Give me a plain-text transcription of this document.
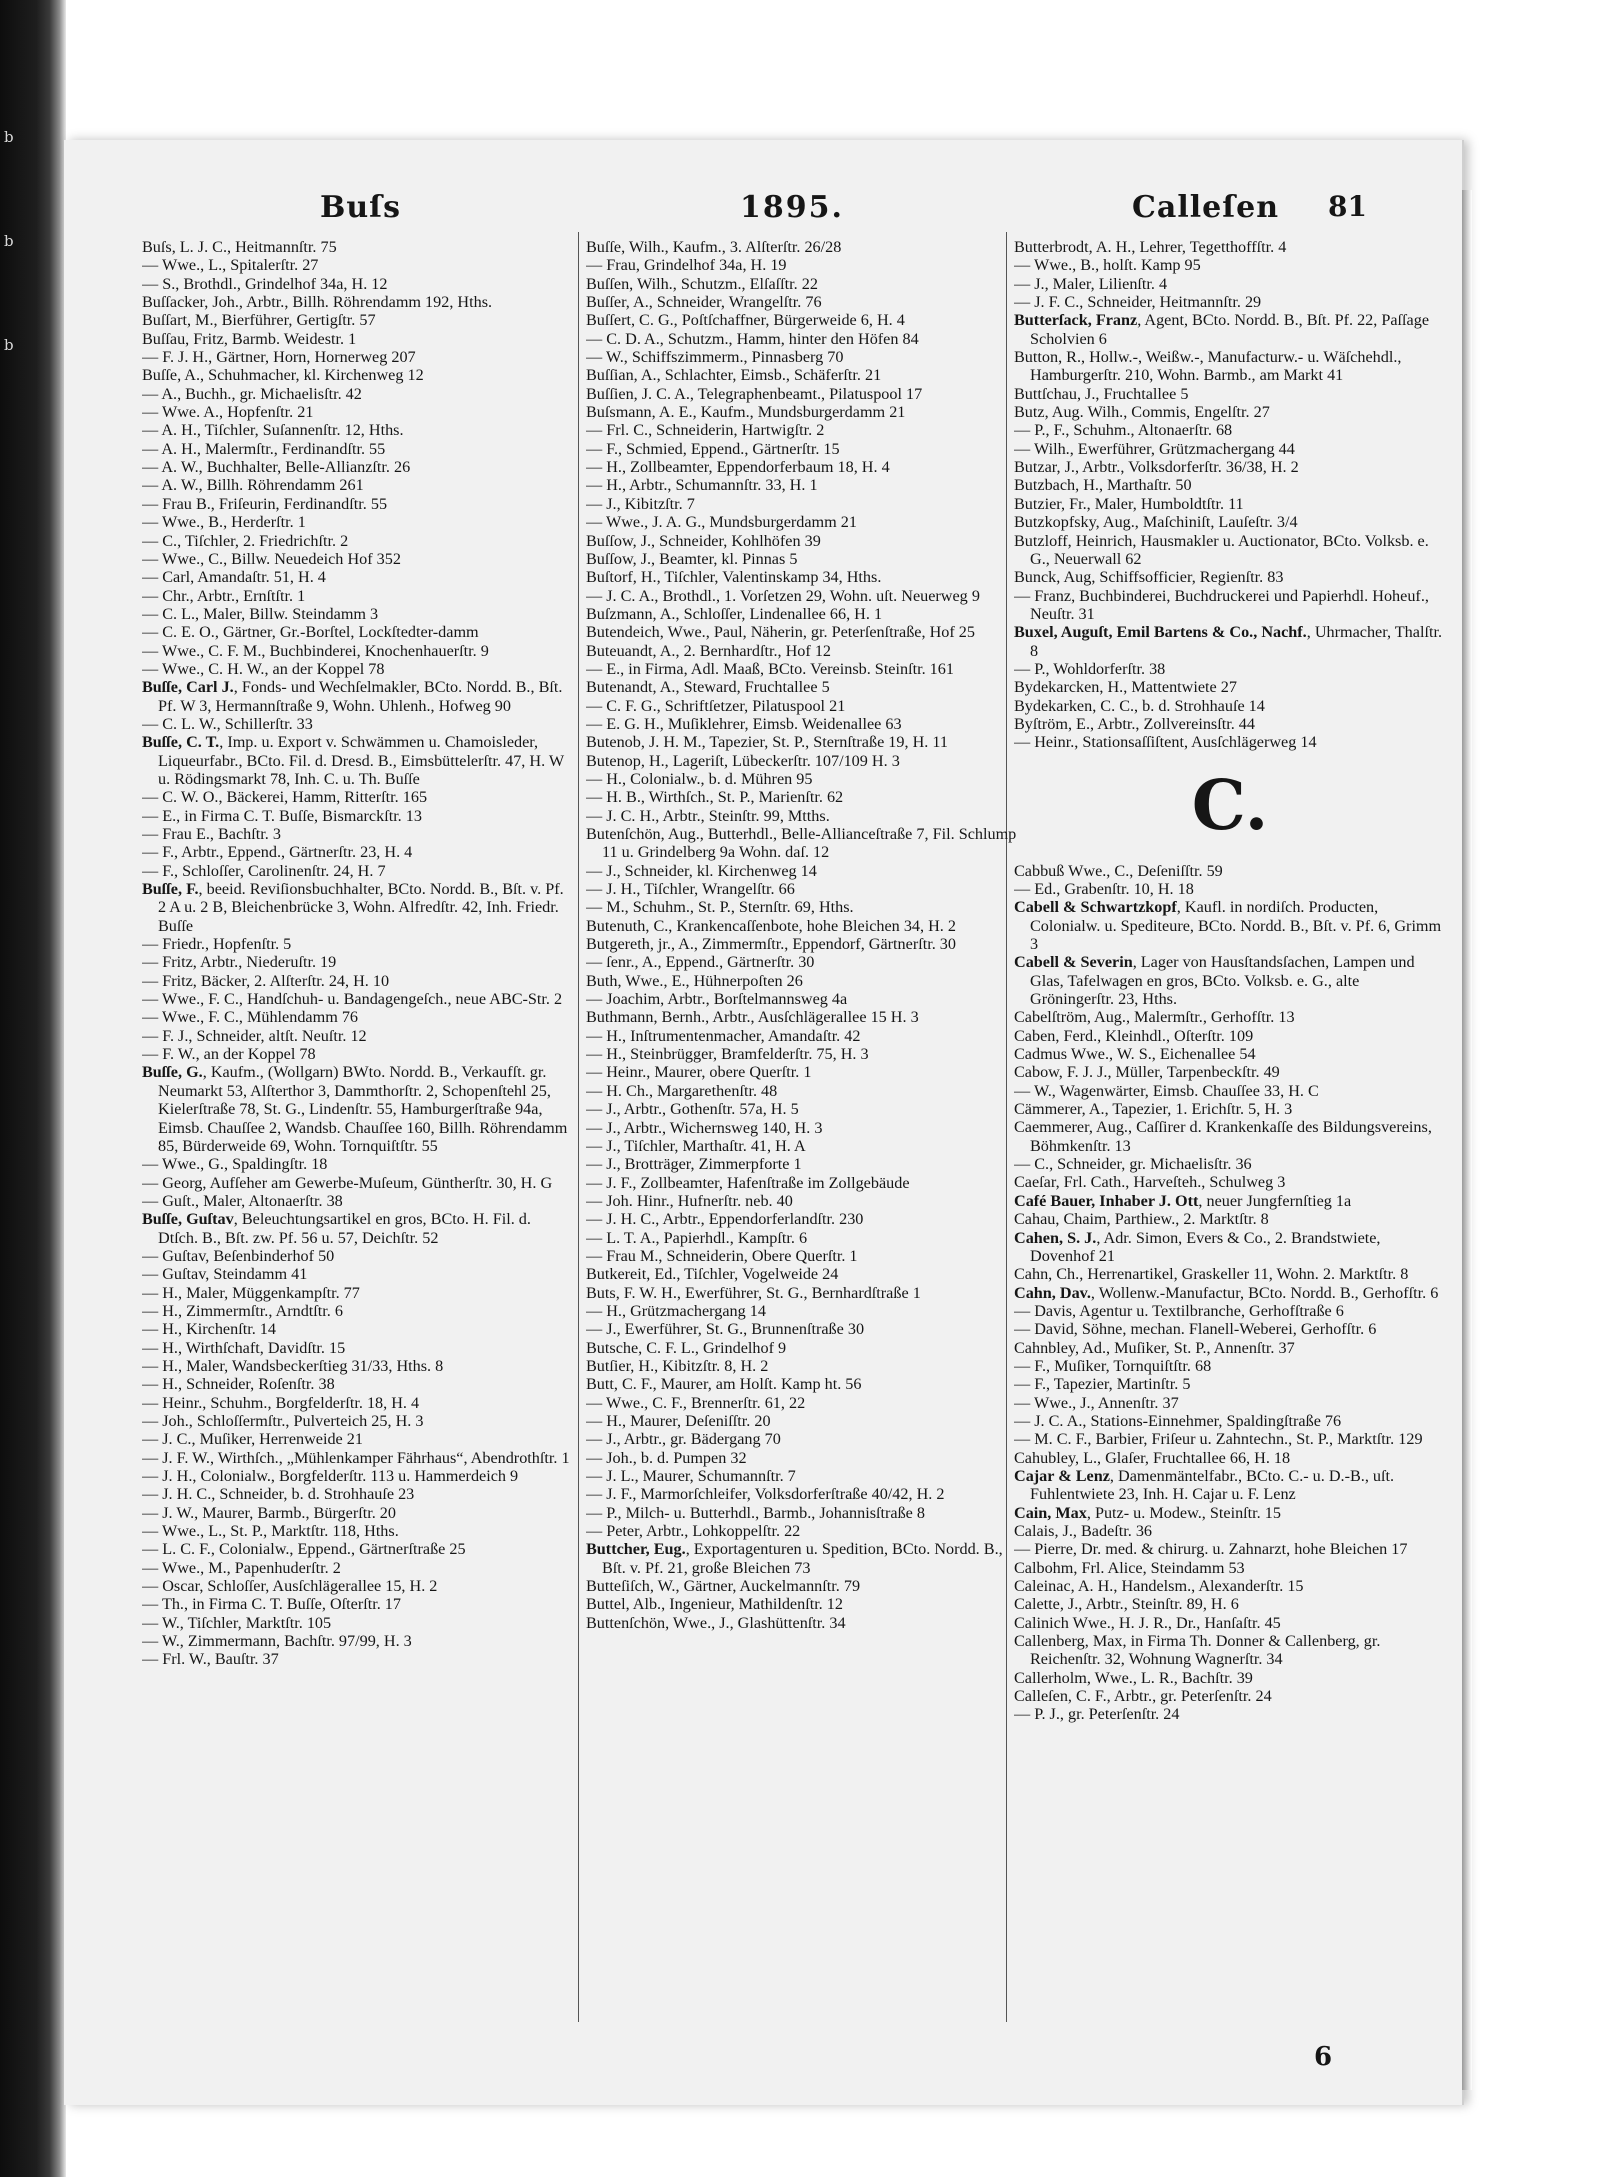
b
b
b
Buſs	1895.	Calleſen 81

Buſs, L. J. C., Heitmannſtr. 75

— Wwe., L., Spitalerſtr. 27

— S., Brothdl., Grindelhof 34a, H. 12

Buſſacker, Joh., Arbtr., Billh. Röhrendamm 192, Hths.

Buſſart, M., Bierführer, Gertigſtr. 57

Buſſau, Fritz, Barmb. Weidestr. 1

— F. J. H., Gärtner, Horn, Hornerweg 207

Buſſe, A., Schuhmacher, kl. Kirchenweg 12

— A., Buchh., gr. Michaelisſtr. 42

— Wwe. A., Hopfenſtr. 21

— A. H., Tiſchler, Suſannenſtr. 12, Hths.

— A. H., Malermſtr., Ferdinandſtr. 55

— A. W., Buchhalter, Belle-Allianzſtr. 26

— A. W., Billh. Röhrendamm 261

— Frau B., Friſeurin, Ferdinandſtr. 55

— Wwe., B., Herderſtr. 1

— C., Tiſchler, 2. Friedrichſtr. 2

— Wwe., C., Billw. Neuedeich Hof 352

— Carl, Amandaſtr. 51, H. 4

— Chr., Arbtr., Ernſtſtr. 1

— C. L., Maler, Billw. Steindamm 3

— C. E. O., Gärtner, Gr.-Borſtel, Lockſtedter-damm

— Wwe., C. F. M., Buchbinderei, Knochenhauerſtr. 9

— Wwe., C. H. W., an der Koppel 78

Buſſe, Carl J., Fonds- und Wechſelmakler, BCto. Nordd. B., Bſt. Pf. W 3, Hermannſtraße 9, Wohn. Uhlenh., Hofweg 90

— C. L. W., Schillerſtr. 33

Buſſe, C. T., Imp. u. Export v. Schwämmen u. Chamoisleder, Liqueurfabr., BCto. Fil. d. Dresd. B., Eimsbüttelerſtr. 47, H. W u. Rödingsmarkt 78, Inh. C. u. Th. Buſſe

— C. W. O., Bäckerei, Hamm, Ritterſtr. 165

— E., in Firma C. T. Buſſe, Bismarckſtr. 13

— Frau E., Bachſtr. 3

— F., Arbtr., Eppend., Gärtnerſtr. 23, H. 4

— F., Schloſſer, Carolinenſtr. 24, H. 7

Buſſe, F., beeid. Reviſionsbuchhalter, BCto. Nordd. B., Bſt. v. Pf. 2 A u. 2 B, Bleichenbrücke 3, Wohn. Alfredſtr. 42, Inh. Friedr. Buſſe

— Friedr., Hopfenſtr. 5

— Fritz, Arbtr., Niederuſtr. 19

— Fritz, Bäcker, 2. Alſterſtr. 24, H. 10

— Wwe., F. C., Handſchuh- u. Bandagengeſch., neue ABC-Str. 2

— Wwe., F. C., Mühlendamm 76

— F. J., Schneider, altſt. Neuſtr. 12

— F. W., an der Koppel 78

Buſſe, G., Kaufm., (Wollgarn) BWto. Nordd. B., Verkaufſt. gr. Neumarkt 53, Alſterthor 3, Dammthorſtr. 2, Schopenſtehl 25, Kielerſtraße 78, St. G., Lindenſtr. 55, Hamburgerſtraße 94a, Eimsb. Chauſſee 2, Wandsb. Chauſſee 160, Billh. Röhrendamm 85, Bürderweide 69, Wohn. Tornquiſtſtr. 55

— Wwe., G., Spaldingſtr. 18

— Georg, Aufſeher am Gewerbe-Muſeum, Güntherſtr. 30, H. G

— Guſt., Maler, Altonaerſtr. 38

Buſſe, Guſtav, Beleuchtungsartikel en gros, BCto. H. Fil. d. Dtſch. B., Bſt. zw. Pf. 56 u. 57, Deichſtr. 52

— Guſtav, Beſenbinderhof 50

— Guſtav, Steindamm 41

— H., Maler, Müggenkampſtr. 77

— H., Zimmermſtr., Arndtſtr. 6

— H., Kirchenſtr. 14

— H., Wirthſchaft, Davidſtr. 15

— H., Maler, Wandsbeckerſtieg 31/33, Hths. 8

— H., Schneider, Roſenſtr. 38

— Heinr., Schuhm., Borgfelderſtr. 18, H. 4

— Joh., Schloſſermſtr., Pulverteich 25, H. 3

— J. C., Muſiker, Herrenweide 21

— J. F. W., Wirthſch., „Mühlenkamper Fährhaus“, Abendrothſtr. 1

— J. H., Colonialw., Borgfelderſtr. 113 u. Hammerdeich 9

— J. H. C., Schneider, b. d. Strohhauſe 23

— J. W., Maurer, Barmb., Bürgerſtr. 20

— Wwe., L., St. P., Marktſtr. 118, Hths.

— L. C. F., Colonialw., Eppend., Gärtnerſtraße 25

— Wwe., M., Papenhuderſtr. 2

— Oscar, Schloſſer, Ausſchlägerallee 15, H. 2

— Th., in Firma C. T. Buſſe, Oſterſtr. 17

— W., Tiſchler, Marktſtr. 105

— W., Zimmermann, Bachſtr. 97/99, H. 3

— Frl. W., Bauſtr. 37

Buſſe, Wilh., Kaufm., 3. Alſterſtr. 26/28

— Frau, Grindelhof 34a, H. 19

Buſſen, Wilh., Schutzm., Elſaſſtr. 22

Buſſer, A., Schneider, Wrangelſtr. 76

Buſſert, C. G., Poſtſchaffner, Bürgerweide 6, H. 4

— C. D. A., Schutzm., Hamm, hinter den Höfen 84

— W., Schiffszimmerm., Pinnasberg 70

Buſſian, A., Schlachter, Eimsb., Schäferſtr. 21

Buſſien, J. C. A., Telegraphenbeamt., Pilatuspool 17

Buſsmann, A. E., Kaufm., Mundsburgerdamm 21

— Frl. C., Schneiderin, Hartwigſtr. 2

— F., Schmied, Eppend., Gärtnerſtr. 15

— H., Zollbeamter, Eppendorferbaum 18, H. 4

— H., Arbtr., Schumannſtr. 33, H. 1

— J., Kibitzſtr. 7

— Wwe., J. A. G., Mundsburgerdamm 21

Buſſow, J., Schneider, Kohlhöfen 39

Buſſow, J., Beamter, kl. Pinnas 5

Buſtorf, H., Tiſchler, Valentinskamp 34, Hths.

— J. C. A., Brothdl., 1. Vorſetzen 29, Wohn. uſt. Neuerweg 9

Buſzmann, A., Schloſſer, Lindenallee 66, H. 1

Butendeich, Wwe., Paul, Näherin, gr. Peterſenſtraße, Hof 25

Buteuandt, A., 2. Bernhardſtr., Hof 12

— E., in Firma, Adl. Maaß, BCto. Vereinsb. Steinſtr. 161

Butenandt, A., Steward, Fruchtallee 5

— C. F. G., Schriftſetzer, Pilatuspool 21

— E. G. H., Muſiklehrer, Eimsb. Weidenallee 63

Butenob, J. H. M., Tapezier, St. P., Sternſtraße 19, H. 11

Butenop, H., Lageriſt, Lübeckerſtr. 107/109 H. 3

— H., Colonialw., b. d. Mühren 95

— H. B., Wirthſch., St. P., Marienſtr. 62

— J. C. H., Arbtr., Steinſtr. 99, Mtths.

Butenſchön, Aug., Butterhdl., Belle-Allianceſtraße 7, Fil. Schlump 11 u. Grindelberg 9a Wohn. daſ. 12

— J., Schneider, kl. Kirchenweg 14

— J. H., Tiſchler, Wrangelſtr. 66

— M., Schuhm., St. P., Sternſtr. 69, Hths.

Butenuth, C., Krankencaſſenbote, hohe Bleichen 34, H. 2

Butgereth, jr., A., Zimmermſtr., Eppendorf, Gärtnerſtr. 30

— ſenr., A., Eppend., Gärtnerſtr. 30

Buth, Wwe., E., Hühnerpoſten 26

— Joachim, Arbtr., Borſtelmannsweg 4a

Buthmann, Bernh., Arbtr., Ausſchlägerallee 15 H. 3

— H., Inſtrumentenmacher, Amandaſtr. 42

— H., Steinbrügger, Bramfelderſtr. 75, H. 3

— Heinr., Maurer, obere Querſtr. 1

— H. Ch., Margarethenſtr. 48

— J., Arbtr., Gothenſtr. 57a, H. 5

— J., Arbtr., Wichernsweg 140, H. 3

— J., Tiſchler, Marthaſtr. 41, H. A

— J., Brotträger, Zimmerpforte 1

— J. F., Zollbeamter, Hafenſtraße im Zollgebäude

— Joh. Hinr., Hufnerſtr. neb. 40

— J. H. C., Arbtr., Eppendorferlandſtr. 230

— L. T. A., Papierhdl., Kampſtr. 6

— Frau M., Schneiderin, Obere Querſtr. 1

Butkereit, Ed., Tiſchler, Vogelweide 24

Buts, F. W. H., Ewerführer, St. G., Bernhardſtraße 1

— H., Grützmachergang 14

— J., Ewerführer, St. G., Brunnenſtraße 30

Butsche, C. F. L., Grindelhof 9

Butſier, H., Kibitzſtr. 8, H. 2

Butt, C. F., Maurer, am Holſt. Kamp ht. 56

— Wwe., C. F., Brennerſtr. 61, 22

— H., Maurer, Deſeniſſtr. 20

— J., Arbtr., gr. Bädergang 70

— Joh., b. d. Pumpen 32

— J. L., Maurer, Schumannſtr. 7

— J. F., Marmorſchleifer, Volksdorferſtraße 40/42, H. 2

— P., Milch- u. Butterhdl., Barmb., Johannisſtraße 8

— Peter, Arbtr., Lohkoppelſtr. 22

Buttcher, Eug., Exportagenturen u. Spedition, BCto. Nordd. B., Bſt. v. Pf. 21, große Bleichen 73

Butteſiſch, W., Gärtner, Auckelmannſtr. 79

Buttel, Alb., Ingenieur, Mathildenſtr. 12

Buttenſchön, Wwe., J., Glashüttenſtr. 34

Butterbrodt, A. H., Lehrer, Tegetthoffſtr. 4

— Wwe., B., holſt. Kamp 95

— J., Maler, Lilienſtr. 4

— J. F. C., Schneider, Heitmannſtr. 29

Butterſack, Franz, Agent, BCto. Nordd. B., Bſt. Pf. 22, Paſſage Scholvien 6

Button, R., Hollw.-, Weißw.-, Manufacturw.- u. Wäſchehdl., Hamburgerſtr. 210, Wohn. Barmb., am Markt 41

Buttſchau, J., Fruchtallee 5

Butz, Aug. Wilh., Commis, Engelſtr. 27

— P., F., Schuhm., Altonaerſtr. 68

— Wilh., Ewerführer, Grützmachergang 44

Butzar, J., Arbtr., Volksdorferſtr. 36/38, H. 2

Butzbach, H., Marthaſtr. 50

Butzier, Fr., Maler, Humboldtſtr. 11

Butzkopfsky, Aug., Maſchiniſt, Lauſeſtr. 3/4

Butzloff, Heinrich, Hausmakler u. Auctionator, BCto. Volksb. e. G., Neuerwall 62

Bunck, Aug, Schiffsofficier, Regienſtr. 83

— Franz, Buchbinderei, Buchdruckerei und Papierhdl. Hoheuf., Neuſtr. 31

Buxel, Auguſt, Emil Bartens & Co., Nachf., Uhrmacher, Thalſtr. 8

— P., Wohldorferſtr. 38

Bydekarcken, H., Mattentwiete 27

Bydekarken, C. C., b. d. Strohhauſe 14

Byſtröm, E., Arbtr., Zollvereinsſtr. 44

— Heinr., Stationsaſſiſtent, Ausſchlägerweg 14

C.

Cabbuß Wwe., C., Deſeniſſtr. 59

— Ed., Grabenſtr. 10, H. 18

Cabell & Schwartzkopf, Kaufl. in nordiſch. Producten, Colonialw. u. Spediteure, BCto. Nordd. B., Bſt. v. Pf. 6, Grimm 3

Cabell & Severin, Lager von Hausſtandsſachen, Lampen und Glas, Tafelwagen en gros, BCto. Volksb. e. G., alte Gröningerſtr. 23, Hths.

Cabelſtröm, Aug., Malermſtr., Gerhofſtr. 13

Caben, Ferd., Kleinhdl., Oſterſtr. 109

Cadmus Wwe., W. S., Eichenallee 54

Cabow, F. J. J., Müller, Tarpenbeckſtr. 49

— W., Wagenwärter, Eimsb. Chauſſee 33, H. C

Cämmerer, A., Tapezier, 1. Erichſtr. 5, H. 3

Caemmerer, Aug., Caſſirer d. Krankenkaſſe des Bildungsvereins, Böhmkenſtr. 13

— C., Schneider, gr. Michaelisſtr. 36

Caeſar, Frl. Cath., Harveſteh., Schulweg 3

Café Bauer, Inhaber J. Ott, neuer Jungfernſtieg 1a

Cahau, Chaim, Parthiew., 2. Marktſtr. 8

Cahen, S. J., Adr. Simon, Evers & Co., 2. Brandstwiete, Dovenhof 21

Cahn, Ch., Herrenartikel, Graskeller 11, Wohn. 2. Marktſtr. 8

Cahn, Dav., Wollenw.-Manufactur, BCto. Nordd. B., Gerhofſtr. 6

— Davis, Agentur u. Textilbranche, Gerhofſtraße 6

— David, Söhne, mechan. Flanell-Weberei, Gerhofſtr. 6

Cahnbley, Ad., Muſiker, St. P., Annenſtr. 37

— F., Muſiker, Tornquiſtſtr. 68

— F., Tapezier, Martinſtr. 5

— Wwe., J., Annenſtr. 37

— J. C. A., Stations-Einnehmer, Spaldingſtraße 76

— M. C. F., Barbier, Friſeur u. Zahntechn., St. P., Marktſtr. 129

Cahubley, L., Glaſer, Fruchtallee 66, H. 18

Cajar & Lenz, Damenmäntelfabr., BCto. C.- u. D.-B., uſt. Fuhlentwiete 23, Inh. H. Cajar u. F. Lenz

Cain, Max, Putz- u. Modew., Steinſtr. 15

Calais, J., Badeſtr. 36

— Pierre, Dr. med. & chirurg. u. Zahnarzt, hohe Bleichen 17

Calbohm, Frl. Alice, Steindamm 53

Caleinac, A. H., Handelsm., Alexanderſtr. 15

Calette, J., Arbtr., Steinſtr. 89, H. 6

Calinich Wwe., H. J. R., Dr., Hanſaſtr. 45

Callenberg, Max, in Firma Th. Donner & Callenberg, gr. Reichenſtr. 32, Wohnung Wagnerſtr. 34

Callerholm, Wwe., L. R., Bachſtr. 39

Calleſen, C. F., Arbtr., gr. Peterſenſtr. 24

— P. J., gr. Peterſenſtr. 24

6
